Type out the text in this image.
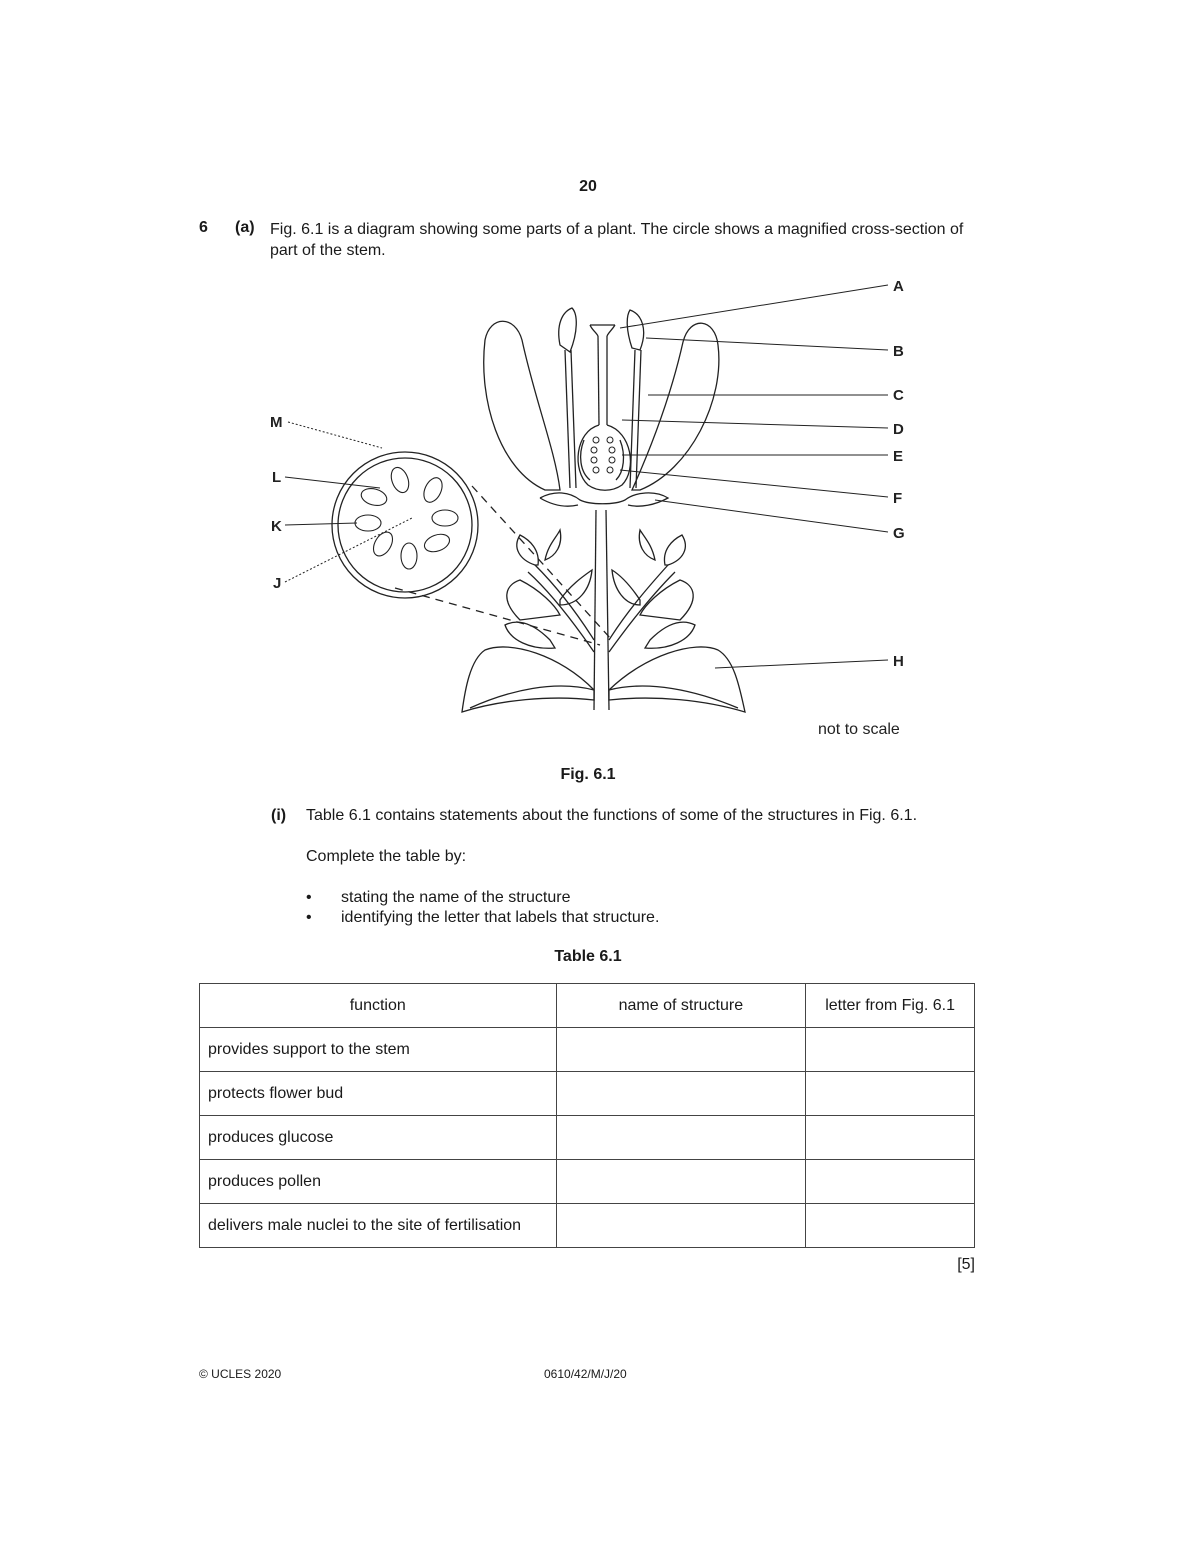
20
6 (a) Fig. 6.1 is a diagram showing some parts of a plant. The circle shows a magnified cross-section of part of the stem.
A
B
C
D
E
F
G
H
M
L
K
J
not to scale
Fig. 6.1
(i) Table 6.1 contains statements about the functions of some of the structures in Fig. 6.1.
Complete the table by:
• stating the name of the structure
• identifying the letter that labels that structure.
Table 6.1
function	name of structure	letter from Fig. 6.1
provides support to the stem		
protects flower bud		
produces glucose		
produces pollen		
delivers male nuclei to the site of fertilisation		
[5]
© UCLES 2020	0610/42/M/J/20
